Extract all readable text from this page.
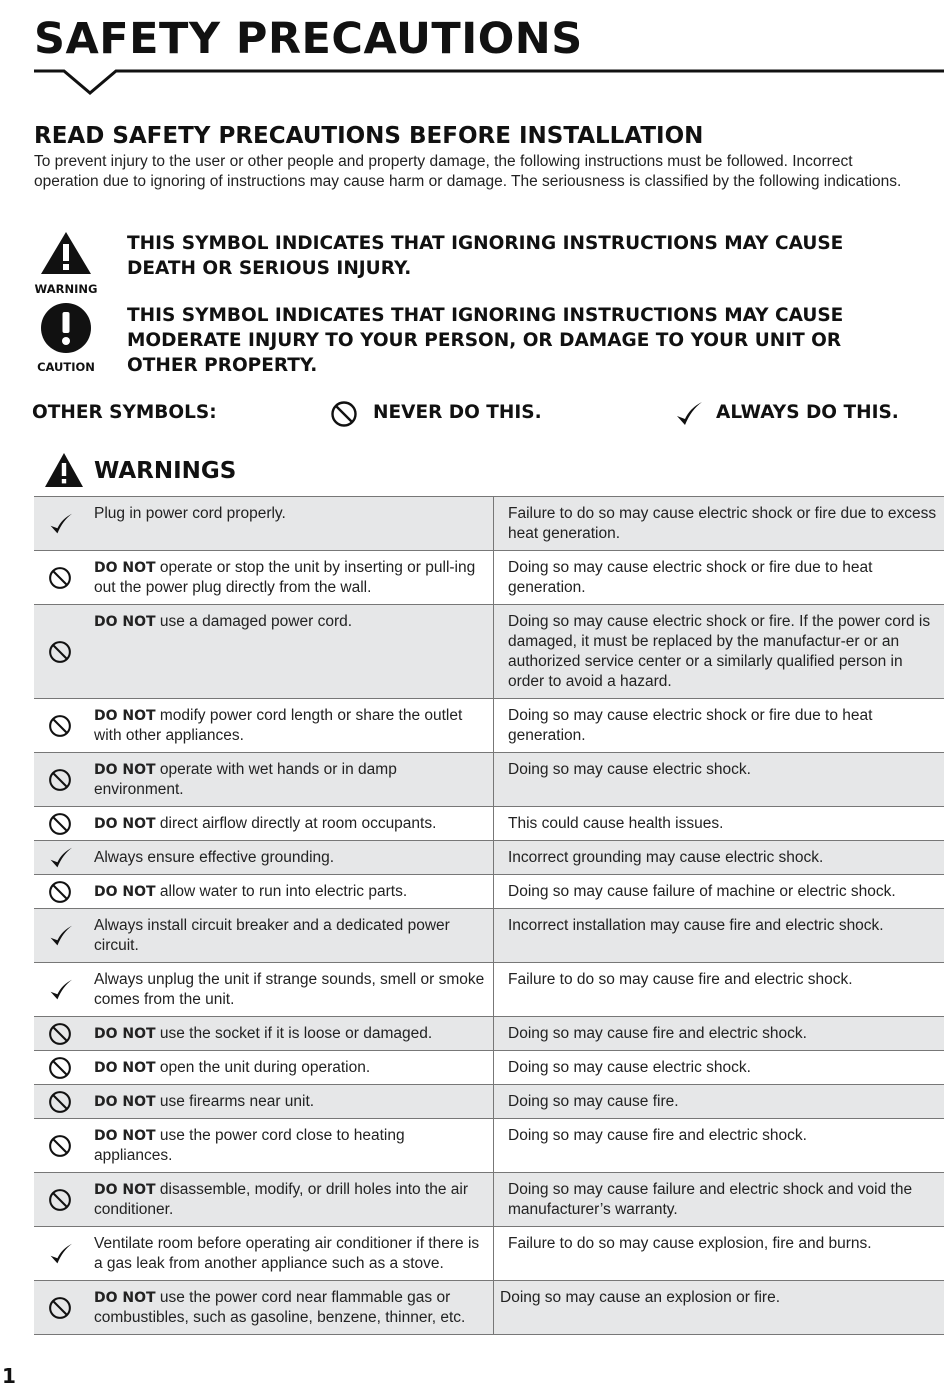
SAFETY PRECAUTIONS
READ SAFETY PRECAUTIONS BEFORE INSTALLATION
To prevent injury to the user or other people and property damage, the following instructions must be followed. Incorrect operation due to ignoring of instructions may cause harm or damage. The seriousness is classified by the following indications.
WARNING
THIS SYMBOL INDICATES THAT IGNORING INSTRUCTIONS MAY CAUSE DEATH OR SERIOUS INJURY.
CAUTION
THIS SYMBOL INDICATES THAT IGNORING INSTRUCTIONS MAY CAUSE MODERATE INJURY TO YOUR PERSON, OR DAMAGE TO YOUR UNIT OR OTHER PROPERTY.
OTHER SYMBOLS:	NEVER DO THIS.	ALWAYS DO THIS.
WARNINGS
	Plug in power cord properly.	Failure to do so may cause electric shock or fire due to excess heat generation.

	DO NOT operate or stop the unit by inserting or pull-ing out the power plug directly from the wall.	Doing so may cause electric shock or fire due to heat generation.

	DO NOT use a damaged power cord.	Doing so may cause electric shock or fire. If the power cord is damaged, it must be replaced by the manufactur-er or an authorized service center or a similarly qualified person in order to avoid a hazard.

	DO NOT modify power cord length or share the outlet with other appliances.	Doing so may cause electric shock or fire due to heat generation.

	DO NOT operate with wet hands or in damp environment.	Doing so may cause electric shock.

	DO NOT direct airflow directly at room occupants.	This could cause health issues.

	Always ensure effective grounding.	Incorrect grounding may cause electric shock.

	DO NOT allow water to run into electric parts.	Doing so may cause failure of machine or electric shock.

	Always install circuit breaker and a dedicated power circuit.	Incorrect installation may cause fire and electric shock.

	Always unplug the unit if strange sounds, smell or smoke comes from the unit.	Failure to do so may cause fire and electric shock.

	DO NOT use the socket if it is loose or damaged.	Doing so may cause fire and electric shock.

	DO NOT open the unit during operation.	Doing so may cause electric shock.

	DO NOT use firearms near unit.	Doing so may cause fire.

	DO NOT use the power cord close to heating appliances.	Doing so may cause fire and electric shock.

	DO NOT disassemble, modify, or drill holes into the air conditioner.	Doing so may cause failure and electric shock and void the manufacturer’s warranty.

	Ventilate room before operating air conditioner if there is a gas leak from another appliance such as a stove.	Failure to do so may cause explosion, fire and burns.

	DO NOT use the power cord near flammable gas or combustibles, such as gasoline, benzene, thinner, etc.	Doing so may cause an explosion or fire.
1
